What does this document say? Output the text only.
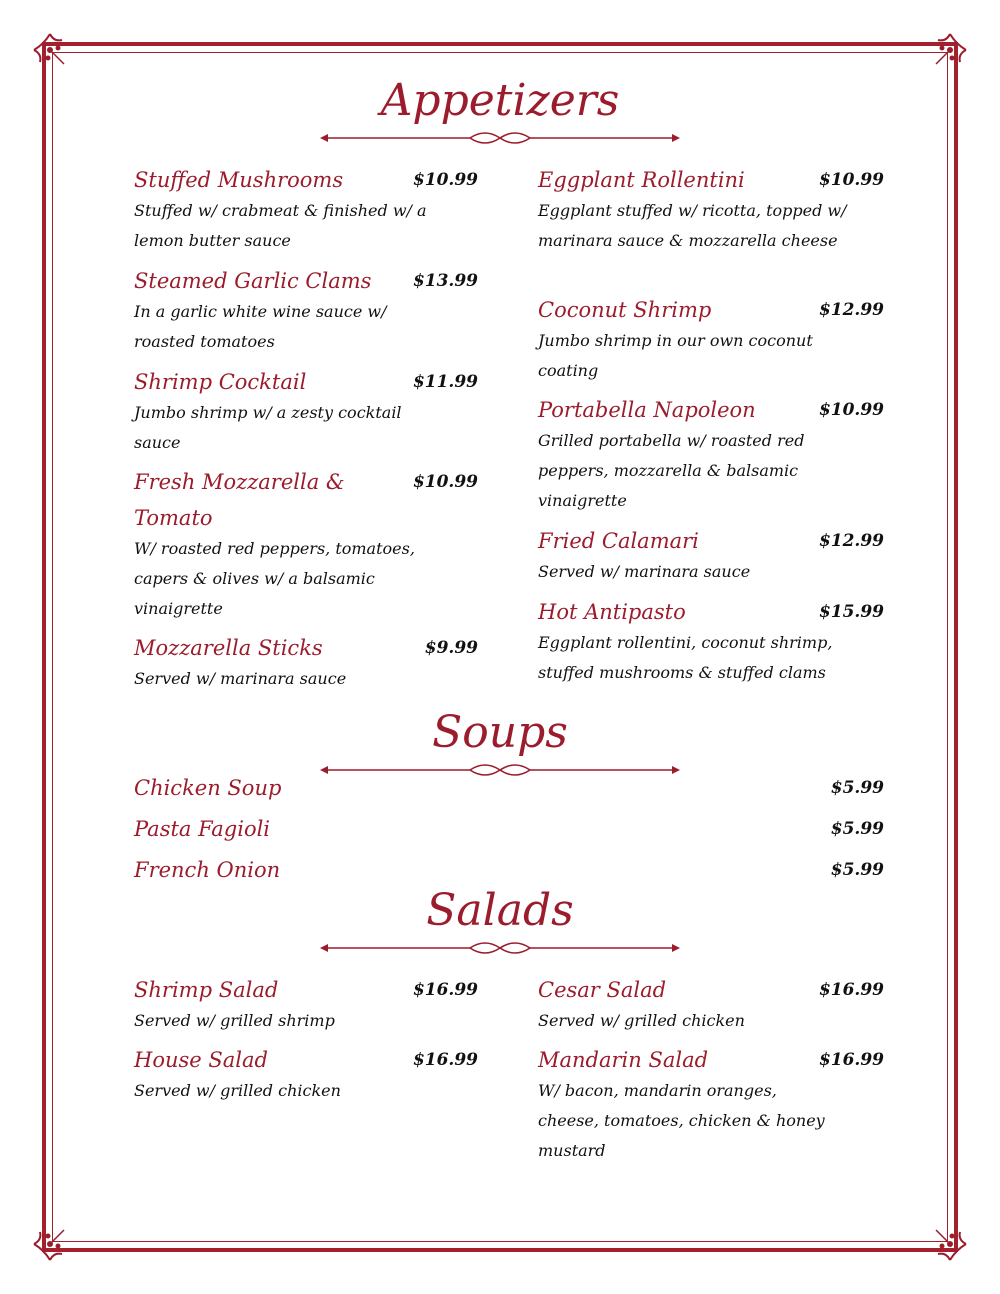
Appetizers
Stuffed Mushrooms	$10.99
Stuffed w/ crabmeat & finished w/ a lemon butter sauce
Steamed Garlic Clams	$13.99
In a garlic white wine sauce w/ roasted tomatoes
Shrimp Cocktail	$11.99
Jumbo shrimp w/ a zesty cocktail sauce
Fresh Mozzarella & Tomato
$10.99
W/ roasted red peppers, tomatoes, capers & olives w/ a balsamic vinaigrette
Mozzarella Sticks	$9.99
Served w/ marinara sauce
Eggplant Rollentini	$10.99
Eggplant stuffed w/ ricotta, topped w/ marinara sauce & mozzarella cheese
Coconut Shrimp	$12.99
Jumbo shrimp in our own coconut coating
Portabella Napoleon	$10.99
Grilled portabella w/ roasted red peppers, mozzarella & balsamic vinaigrette
Fried Calamari	$12.99
Served w/ marinara sauce
Hot Antipasto	$15.99
Eggplant rollentini, coconut shrimp, stuffed mushrooms & stuffed clams
Soups
Chicken Soup	$5.99
Pasta Fagioli	$5.99
French Onion	$5.99
Salads
Shrimp Salad	$16.99
Served w/ grilled shrimp
House Salad	$16.99
Served w/ grilled chicken
Cesar Salad	$16.99
Served w/ grilled chicken
Mandarin Salad	$16.99
W/ bacon, mandarin oranges, cheese, tomatoes, chicken & honey mustard
